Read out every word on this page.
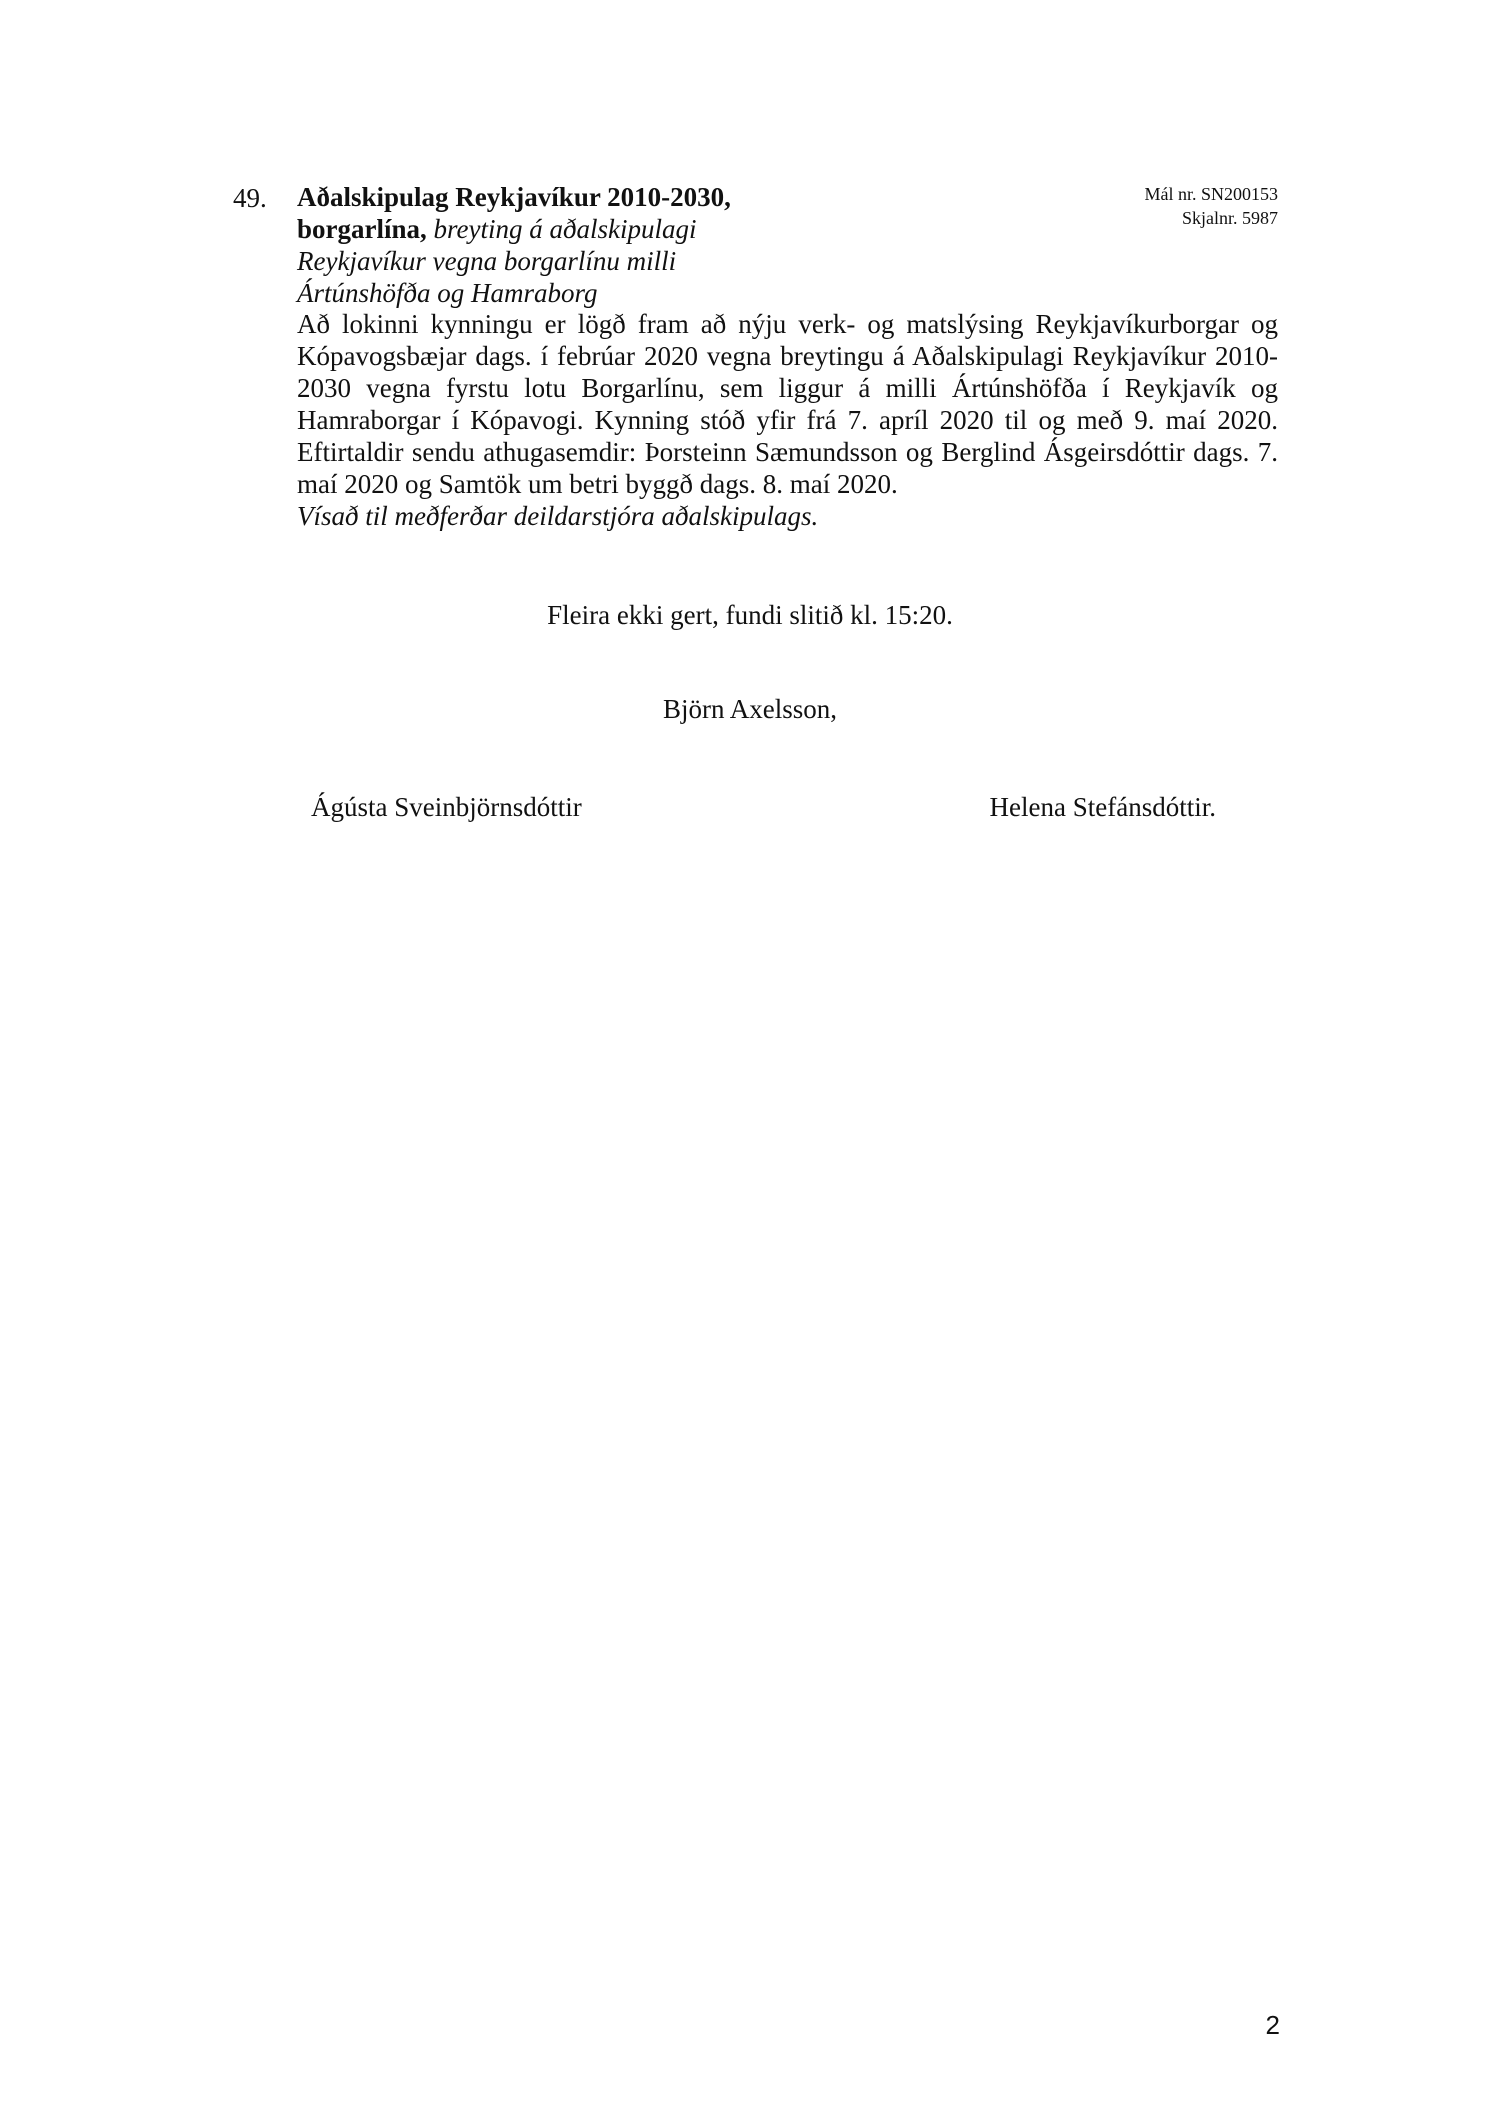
49. Aðalskipulag Reykjavíkur 2010-2030,
borgarlína, breyting á aðalskipulagi
Reykjavíkur vegna borgarlínu milli
Ártúnshöfða og Hamraborg
Mál nr. SN200153
Skjalnr. 5987

Að lokinni kynningu er lögð fram að nýju verk- og matslýsing Reykjavíkurborgar og Kópavogsbæjar dags. í febrúar 2020 vegna breytingu á Aðalskipulagi Reykjavíkur 2010-2030 vegna fyrstu lotu Borgarlínu, sem liggur á milli Ártúnshöfða í Reykjavík og Hamraborgar í Kópavogi. Kynning stóð yfir frá 7. apríl 2020 til og með 9. maí 2020. Eftirtaldir sendu athugasemdir: Þorsteinn Sæmundsson og Berglind Ásgeirsdóttir dags. 7. maí 2020 og Samtök um betri byggð dags. 8. maí 2020.

Vísað til meðferðar deildarstjóra aðalskipulags.

Fleira ekki gert, fundi slitið kl. 15:20.
Björn Axelsson,
Ágústa Sveinbjörnsdóttir	Helena Stefánsdóttir.
2
